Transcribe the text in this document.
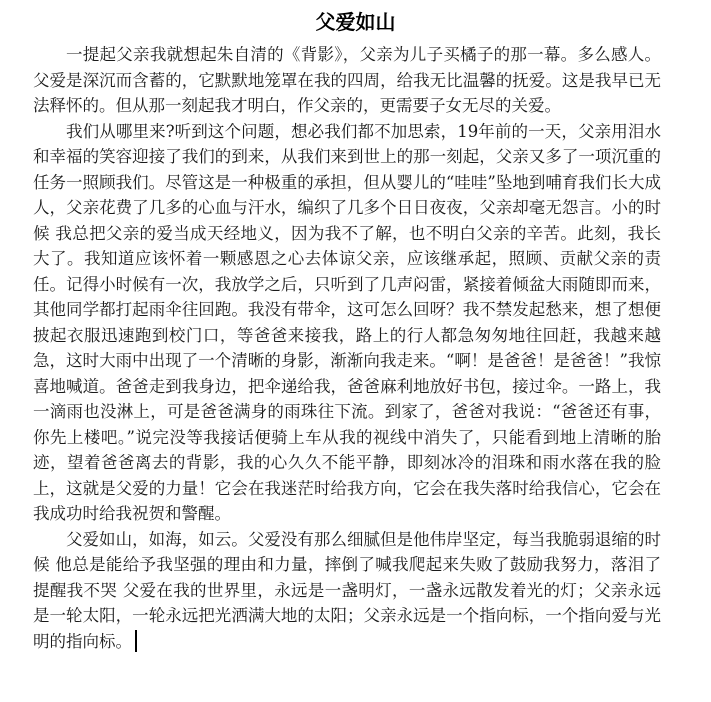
父爱如山

一提起父亲我就想起朱自清的《背影》，父亲为儿子买橘子的那一幕。多么感人。父爱是深沉而含蓄的，它默默地笼罩在我的四周，给我无比温馨的抚爱。这是我早已无法释怀的。但从那一刻起我才明白，作父亲的，更需要子女无尽的关爱。

我们从哪里来?听到这个问题，想必我们都不加思索，19年前的一天，父亲用泪水和幸福的笑容迎接了我们的到来，从我们来到世上的那一刻起，父亲又多了一项沉重的任务一照顾我们。尽管这是一种极重的承担，但从婴儿的“哇哇”坠地到哺育我们长大成人，父亲花费了几多的心血与汗水，编织了几多个日日夜夜，父亲却毫无怨言。小的时候 我总把父亲的爱当成天经地义，因为我不了解，也不明白父亲的辛苦。此刻，我长大了。我知道应该怀着一颗感恩之心去体谅父亲，应该继承起，照顾、贡献父亲的责任。记得小时候有一次，我放学之后，只听到了几声闷雷，紧接着倾盆大雨随即而来，其他同学都打起雨伞往回跑。我没有带伞，这可怎么回呀？我不禁发起愁来，想了想便披起衣服迅速跑到校门口，等爸爸来接我，路上的行人都急匆匆地往回赶，我越来越急，这时大雨中出现了一个清晰的身影，渐渐向我走来。“啊！是爸爸！是爸爸！”我惊喜地喊道。爸爸走到我身边，把伞递给我，爸爸麻利地放好书包，接过伞。一路上，我一滴雨也没淋上，可是爸爸满身的雨珠往下流。到家了，爸爸对我说：“爸爸还有事，你先上楼吧。”说完没等我接话便骑上车从我的视线中消失了，只能看到地上清晰的胎迹，望着爸爸离去的背影，我的心久久不能平静，即刻冰冷的泪珠和雨水落在我的脸上，这就是父爱的力量！它会在我迷茫时给我方向，它会在我失落时给我信心，它会在我成功时给我祝贺和警醒。

父爱如山，如海，如云。父爱没有那么细腻但是他伟岸坚定，每当我脆弱退缩的时候 他总是能给予我坚强的理由和力量，摔倒了喊我爬起来失败了鼓励我努力，落泪了提醒我不哭 父爱在我的世界里，永远是一盏明灯，一盏永远散发着光的灯；父亲永远是一轮太阳，一轮永远把光洒满大地的太阳；父亲永远是一个指向标，一个指向爱与光明的指向标。
